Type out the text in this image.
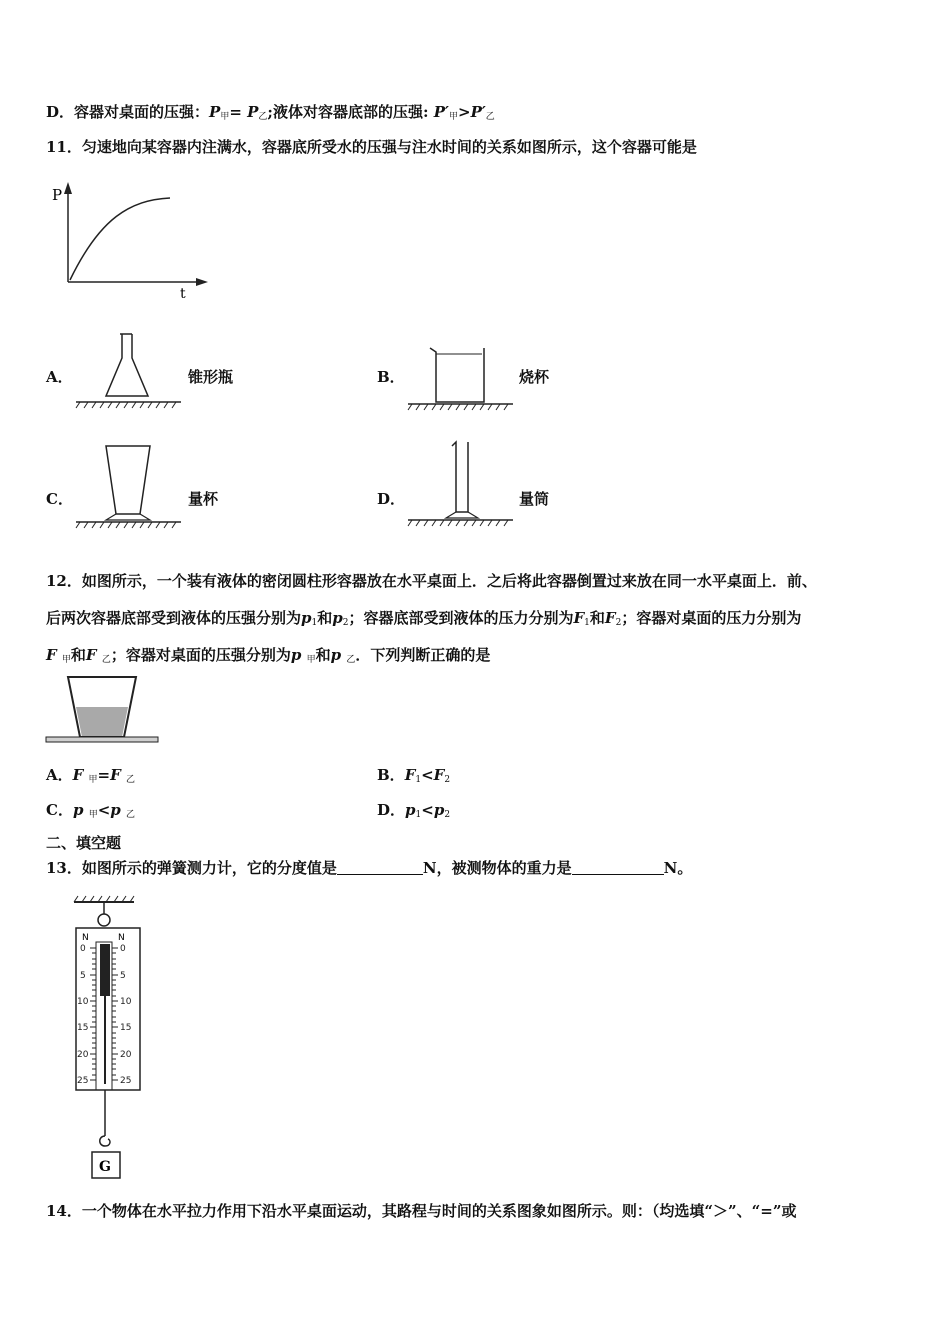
D．容器对桌面的压强：$P_甲= P_乙$;液体对容器底部的压强: $P'_甲>P'_乙$
11．匀速地向某容器内注满水，容器底所受水的压强与注水时间的关系如图所示，这个容器可能是
P
t
A．	锥形瓶	B．	烧杯
C．	量杯	D．	量筒
12．如图所示，一个装有液体的密闭圆柱形容器放在水平桌面上．之后将此容器倒置过来放在同一水平桌面上．前、
后两次容器底部受到液体的压强分别为$p_1$和$p_2$；容器底部受到液体的压力分别为$F_1$和$F_2$；容器对桌面的压力分别为
F $_甲$和F $_乙$；容器对桌面的压强分别为p $_甲$和p $_乙$．下列判断正确的是
A．F $_甲$=F $_乙$	B．$F_1<F_2$
C．p $_甲$<p $_乙$	D．$p_1<p_2$
二、填空题
13．如图所示的弹簧测力计，它的分度值是	N，被测物体的重力是	N。
G
N	N
0
5
10
15
20
25
0
5
10
15
20
25
14．一个物体在水平拉力作用下沿水平桌面运动，其路程与时间的关系图象如图所示。则：（均选填“＞”、“=”或
